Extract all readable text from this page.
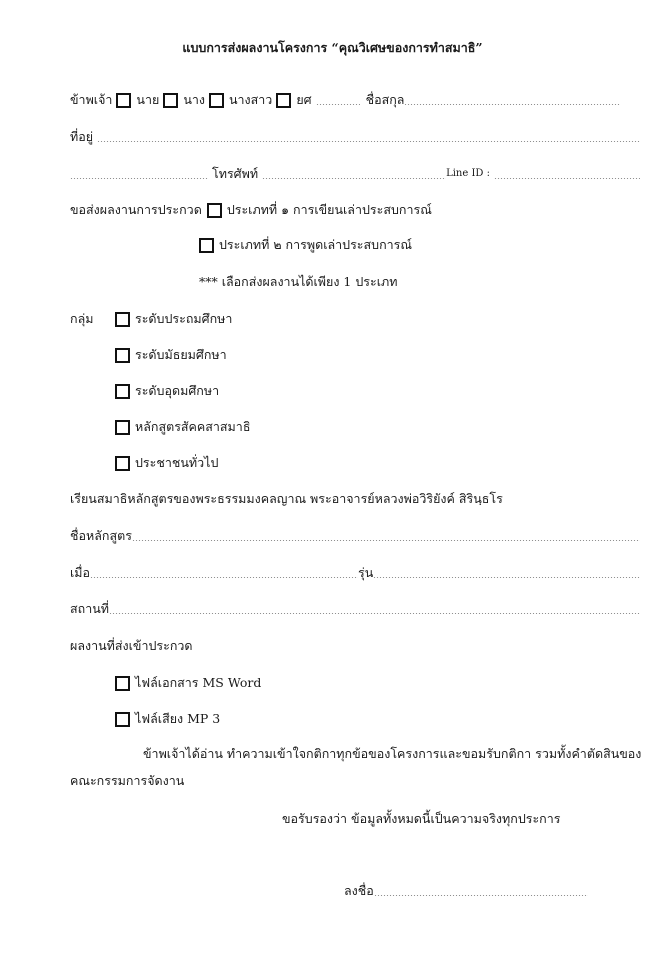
แบบการส่งผลงานโครงการ “คุณวิเศษของการทำสมาธิ”
ข้าพเจ้า นาย นาง นางสาว ยศ	ชื่อสกุล
ที่อยู่
โทรศัพท์	Line ID :
ขอส่งผลงานการประกวด ประเภทที่ ๑ การเขียนเล่าประสบการณ์
ประเภทที่ ๒ การพูดเล่าประสบการณ์
*** เลือกส่งผลงานได้เพียง 1 ประเภท
กลุ่ม	ระดับประถมศึกษา
ระดับมัธยมศึกษา
ระดับอุดมศึกษา
หลักสูตรสัคคสาสมาธิ
ประชาชนทั่วไป
เรียนสมาธิหลักสูตรของพระธรรมมงคลญาณ พระอาจารย์หลวงพ่อวิริยังค์ สิรินฺธโร
ชื่อหลักสูตร
เมื่อ	รุ่น
สถานที่
ผลงานที่ส่งเข้าประกวด
ไฟล์เอกสาร MS Word
ไฟล์เสียง MP 3
ข้าพเจ้าได้อ่าน ทำความเข้าใจกติกาทุกข้อของโครงการและขอมรับกติกา รวมทั้งคำตัดสินของ
คณะกรรมการจัดงาน
ขอรับรองว่า ข้อมูลทั้งหมดนี้เป็นความจริงทุกประการ
ลงชื่อ
